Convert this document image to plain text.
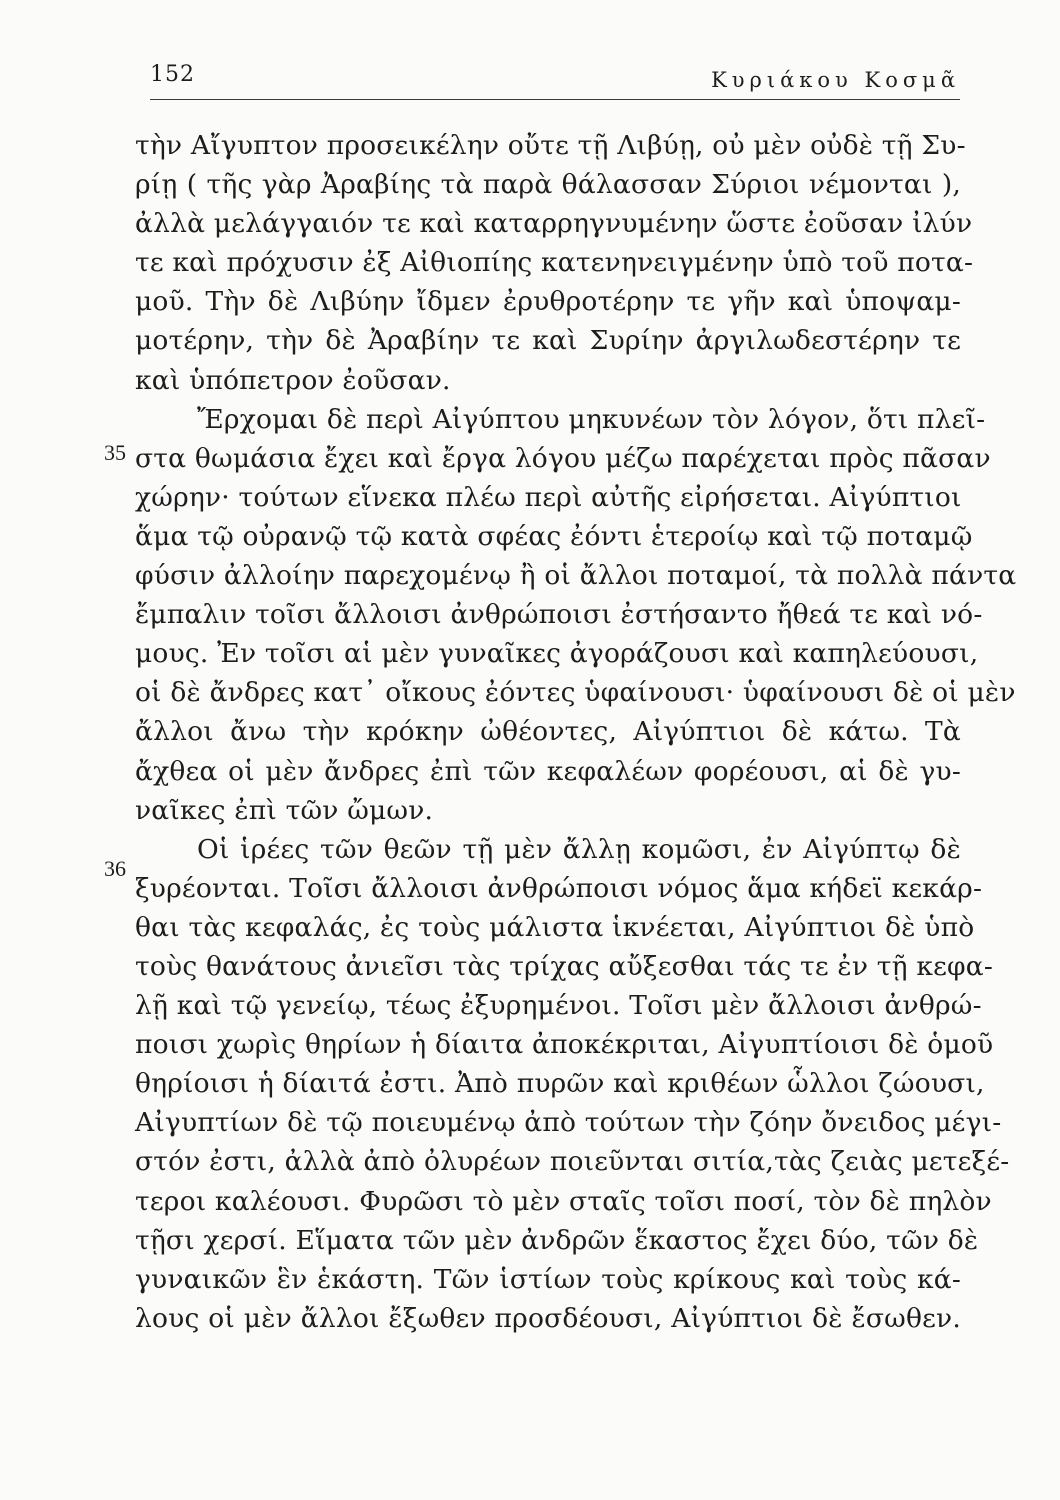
152	Κυριάκου Κοσμᾶ
35
36
τὴν Αἴγυπτον προσεικέλην οὔτε τῇ Λιβύῃ, οὐ μὲν οὐδὲ τῇ Συ-
ρίῃ ( τῆς γὰρ Ἀραβίης τὰ παρὰ θάλασσαν Σύριοι νέμονται ),
ἀλλὰ μελάγγαιόν τε καὶ καταρρηγνυμένην ὥστε ἐοῦσαν ἰλύν
τε καὶ πρόχυσιν ἐξ Αἰθιοπίης κατενηνειγμένην ὑπὸ τοῦ ποτα-
μοῦ. Τὴν δὲ Λιβύην ἴδμεν ἐρυθροτέρην τε γῆν καὶ ὑποψαμ-
μοτέρην, τὴν δὲ Ἀραβίην τε καὶ Συρίην ἀργιλωδεστέρην τε
καὶ ὑπόπετρον ἐοῦσαν.
Ἔρχομαι δὲ περὶ Αἰγύπτου μηκυνέων τὸν λόγον, ὅτι πλεῖ-
στα θωμάσια ἔχει καὶ ἔργα λόγου μέζω παρέχεται πρὸς πᾶσαν
χώρην· τούτων εἵνεκα πλέω περὶ αὐτῆς εἰρήσεται. Αἰγύπτιοι
ἅμα τῷ οὐρανῷ τῷ κατὰ σφέας ἐόντι ἑτεροίῳ καὶ τῷ ποταμῷ
φύσιν ἀλλοίην παρεχομένῳ ἢ οἱ ἄλλοι ποταμοί, τὰ πολλὰ πάντα
ἔμπαλιν τοῖσι ἄλλοισι ἀνθρώποισι ἐστήσαντο ἤθεά τε καὶ νό-
μους. Ἐν τοῖσι αἱ μὲν γυναῖκες ἀγοράζουσι καὶ καπηλεύουσι,
οἱ δὲ ἄνδρες κατ᾽ οἴκους ἐόντες ὑφαίνουσι· ὑφαίνουσι δὲ οἱ μὲν
ἄλλοι ἄνω τὴν κρόκην ὠθέοντες, Αἰγύπτιοι δὲ κάτω. Τὰ
ἄχθεα οἱ μὲν ἄνδρες ἐπὶ τῶν κεφαλέων φορέουσι, αἱ δὲ γυ-
ναῖκες ἐπὶ τῶν ὤμων.
Οἱ ἱρέες τῶν θεῶν τῇ μὲν ἄλλῃ κομῶσι, ἐν Αἰγύπτῳ δὲ
ξυρέονται. Τοῖσι ἄλλοισι ἀνθρώποισι νόμος ἅμα κήδεϊ κεκάρ-
θαι τὰς κεφαλάς, ἐς τοὺς μάλιστα ἱκνέεται, Αἰγύπτιοι δὲ ὑπὸ
τοὺς θανάτους ἀνιεῖσι τὰς τρίχας αὔξεσθαι τάς τε ἐν τῇ κεφα-
λῇ καὶ τῷ γενείῳ, τέως ἐξυρημένοι. Τοῖσι μὲν ἄλλοισι ἀνθρώ-
ποισι χωρὶς θηρίων ἡ δίαιτα ἀποκέκριται, Αἰγυπτίοισι δὲ ὁμοῦ
θηρίοισι ἡ δίαιτά ἐστι. Ἀπὸ πυρῶν καὶ κριθέων ὧλλοι ζώουσι,
Αἰγυπτίων δὲ τῷ ποιευμένῳ ἀπὸ τούτων τὴν ζόην ὄνειδος μέγι-
στόν ἐστι, ἀλλὰ ἀπὸ ὀλυρέων ποιεῦνται σιτία,τὰς ζειὰς μετεξέ-
τεροι καλέουσι. Φυρῶσι τὸ μὲν σταῖς τοῖσι ποσί, τὸν δὲ πηλὸν
τῇσι χερσί. Εἵματα τῶν μὲν ἀνδρῶν ἕκαστος ἔχει δύο, τῶν δὲ
γυναικῶν ἓν ἑκάστη. Τῶν ἱστίων τοὺς κρίκους καὶ τοὺς κά-
λους οἱ μὲν ἄλλοι ἔξωθεν προσδέουσι, Αἰγύπτιοι δὲ ἔσωθεν.
